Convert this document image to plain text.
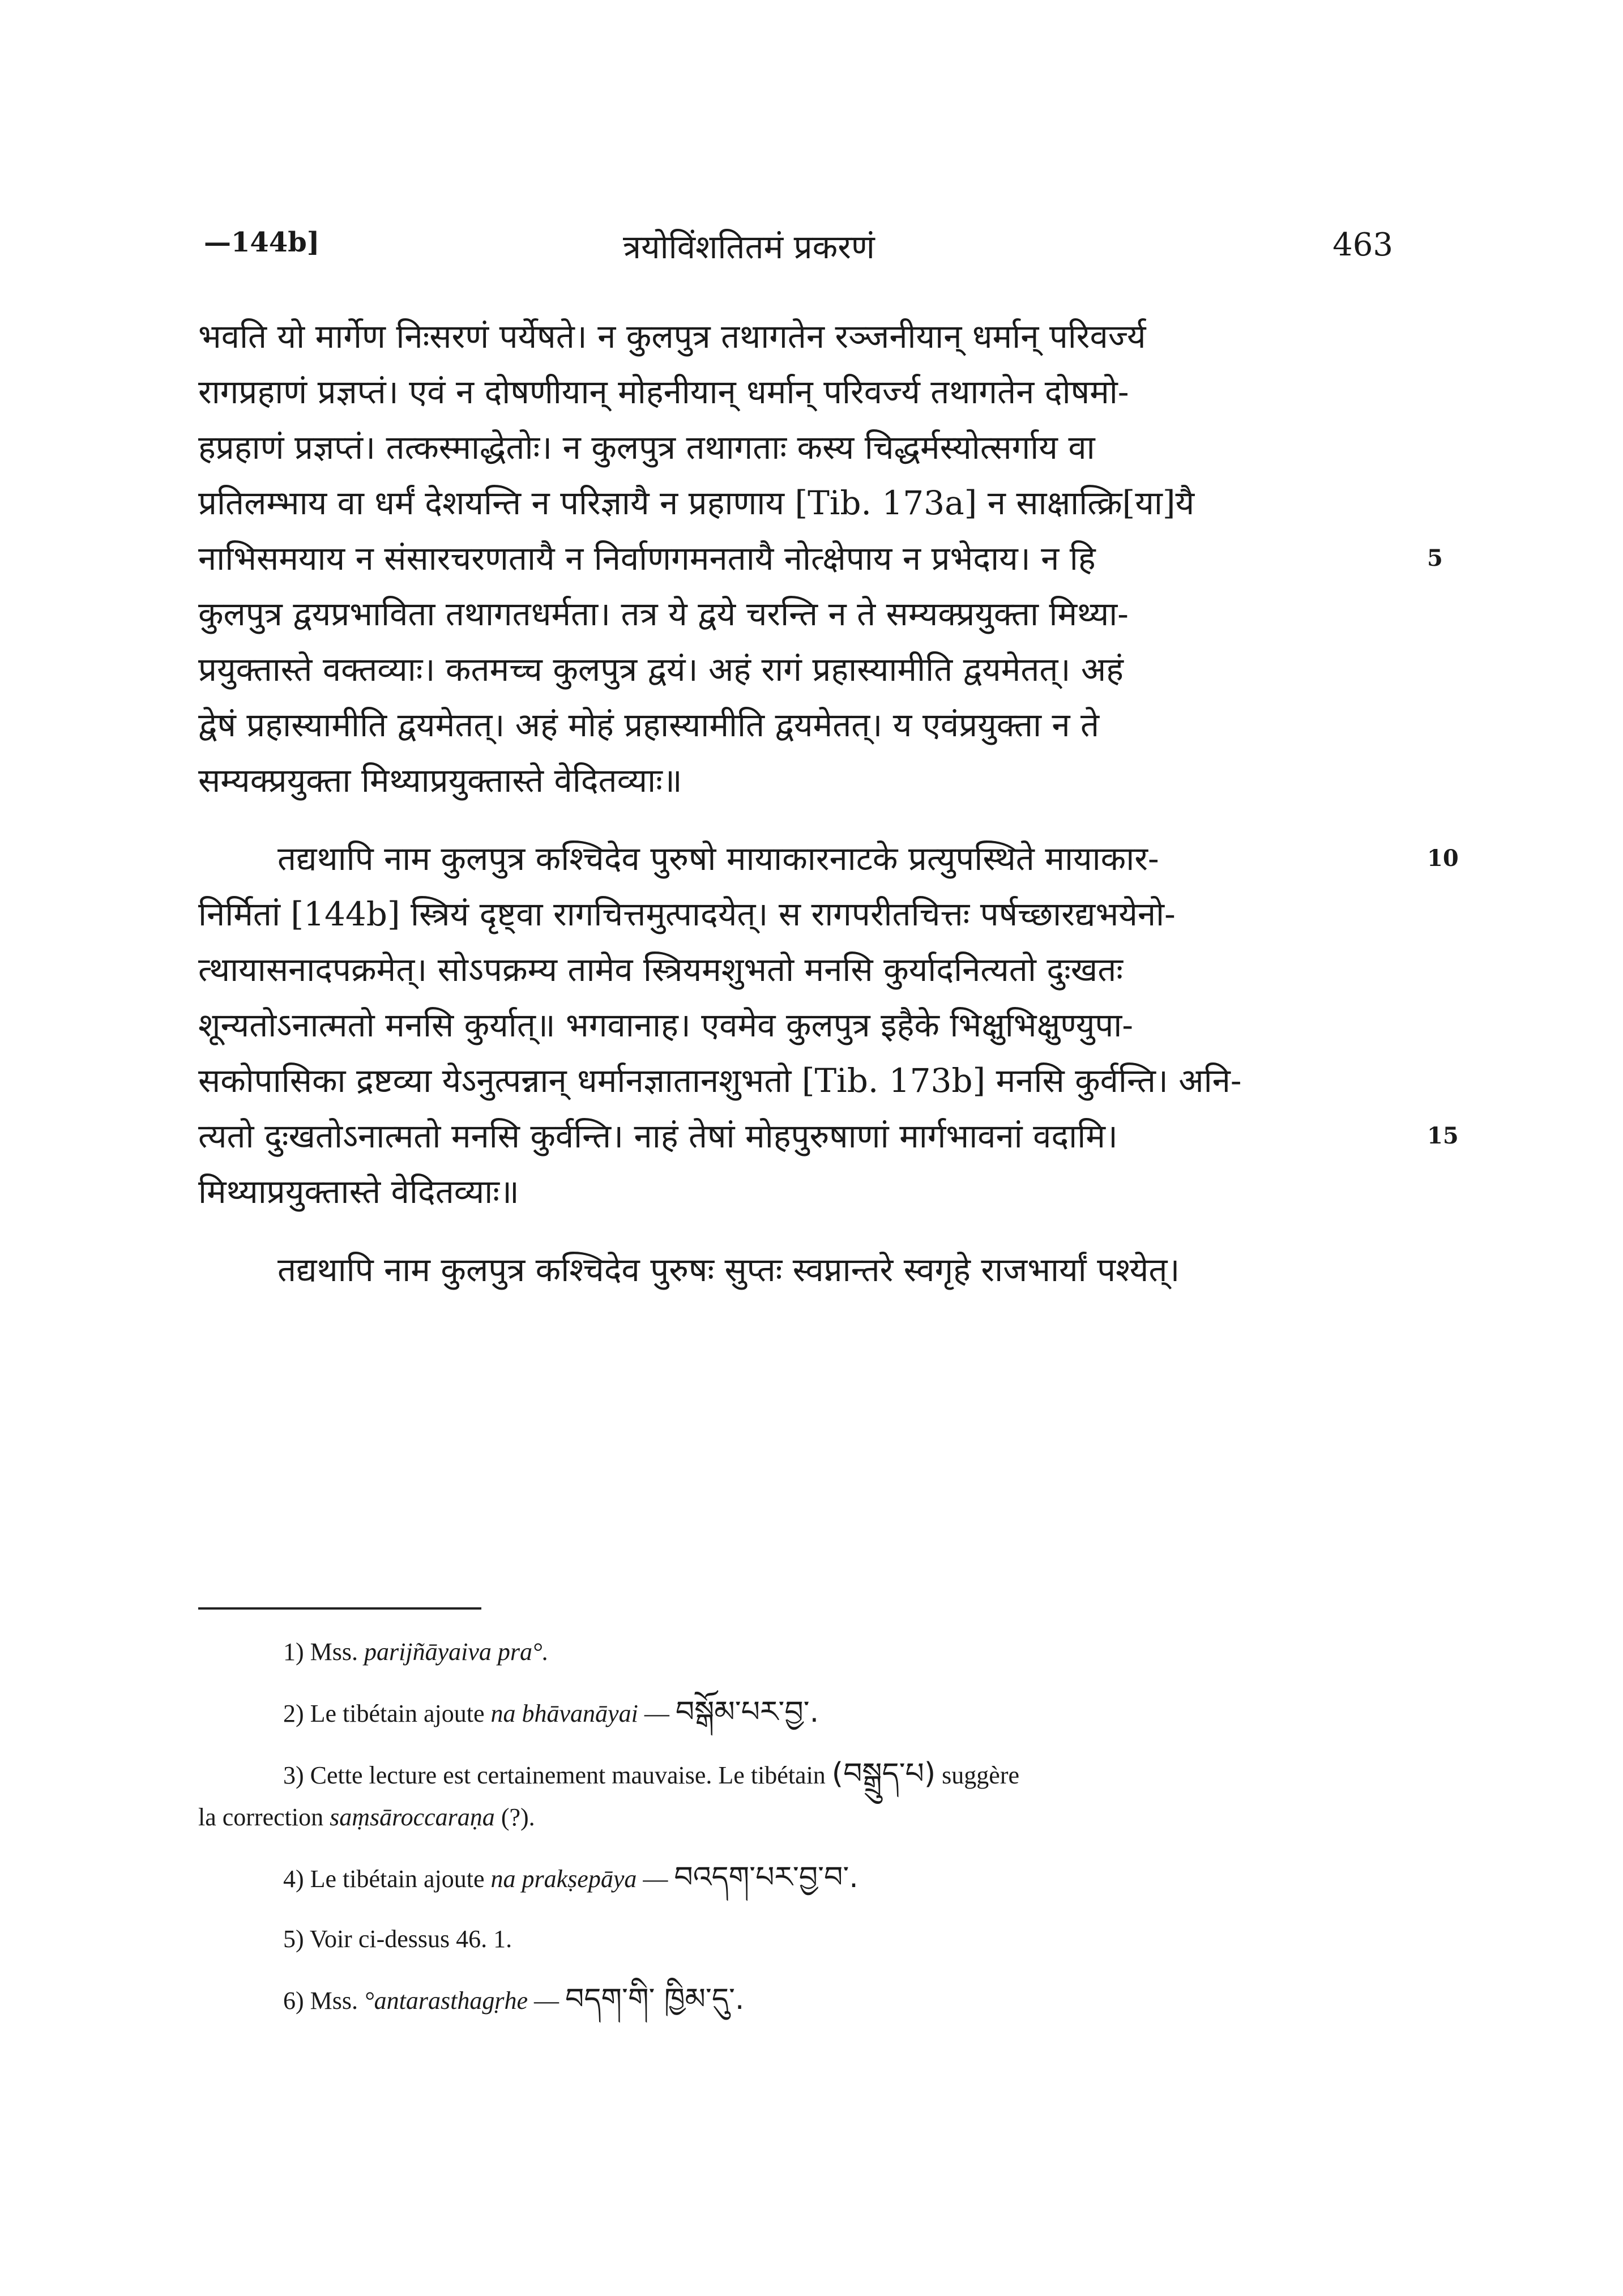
—144b]	त्रयोविंशतितमं प्रकरणं	463
भवति यो मार्गेण निःसरणं पर्येषते। न कुलपुत्र तथागतेन रञ्जनीयान् धर्मान् परिवर्ज्य
रागप्रहाणं प्रज्ञप्तं। एवं न दोषणीयान् मोहनीयान् धर्मान् परिवर्ज्य तथागतेन दोषमो-
हप्रहाणं प्रज्ञप्तं। तत्कस्माद्धेतोः। न कुलपुत्र तथागताः कस्य चिद्धर्मस्योत्सर्गाय वा
प्रतिलम्भाय वा धर्मं देशयन्ति न परिज्ञायै न प्रहाणाय [Tib. 173a] न साक्षात्क्रि[या]यै
नाभिसमयाय न संसारचरणतायै न निर्वाणगमनतायै नोत्क्षेपाय न प्रभेदाय। न हि	5
कुलपुत्र द्वयप्रभाविता तथागतधर्मता। तत्र ये द्वये चरन्ति न ते सम्यक्प्रयुक्ता मिथ्या-
प्रयुक्तास्ते वक्तव्याः। कतमच्च कुलपुत्र द्वयं। अहं रागं प्रहास्यामीति द्वयमेतत्। अहं
द्वेषं प्रहास्यामीति द्वयमेतत्। अहं मोहं प्रहास्यामीति द्वयमेतत्। य एवंप्रयुक्ता न ते
सम्यक्प्रयुक्ता मिथ्याप्रयुक्तास्ते वेदितव्याः॥
तद्यथापि नाम कुलपुत्र कश्चिदेव पुरुषो मायाकारनाटके प्रत्युपस्थिते मायाकार-	10
निर्मितां [144b] स्त्रियं दृष्ट्वा रागचित्तमुत्पादयेत्। स रागपरीतचित्तः पर्षच्छारद्यभयेनो-
त्थायासनादपक्रमेत्। सोऽपक्रम्य तामेव स्त्रियमशुभतो मनसि कुर्यादनित्यतो दुःखतः
शून्यतोऽनात्मतो मनसि कुर्यात्॥ भगवानाह। एवमेव कुलपुत्र इहैके भिक्षुभिक्षुण्युपा-
सकोपासिका द्रष्टव्या येऽनुत्पन्नान् धर्मानज्ञातानशुभतो [Tib. 173b] मनसि कुर्वन्ति। अनि-
त्यतो दुःखतोऽनात्मतो मनसि कुर्वन्ति। नाहं तेषां मोहपुरुषाणां मार्गभावनां वदामि।	15
मिथ्याप्रयुक्तास्ते वेदितव्याः॥
तद्यथापि नाम कुलपुत्र कश्चिदेव पुरुषः सुप्तः स्वप्नान्तरे स्वगृहे राजभार्यां पश्येत्।
1) Mss. parijñāyaiva pra°.
2) Le tibétain ajoute na bhāvanāyai — བསྒོམ་པར་བྱ་.
3) Cette lecture est certainement mauvaise. Le tibétain (བསྒྲུད་པ) suggère
la correction saṃsāroccaraṇa (?).
4) Le tibétain ajoute na prakṣepāya — བའདག་པར་བྱ་བ་.
5) Voir ci-dessus 46. 1.
6) Mss. °antarasthagṛhe — བདག་གི་ ཁྱིམ་དུ་.
